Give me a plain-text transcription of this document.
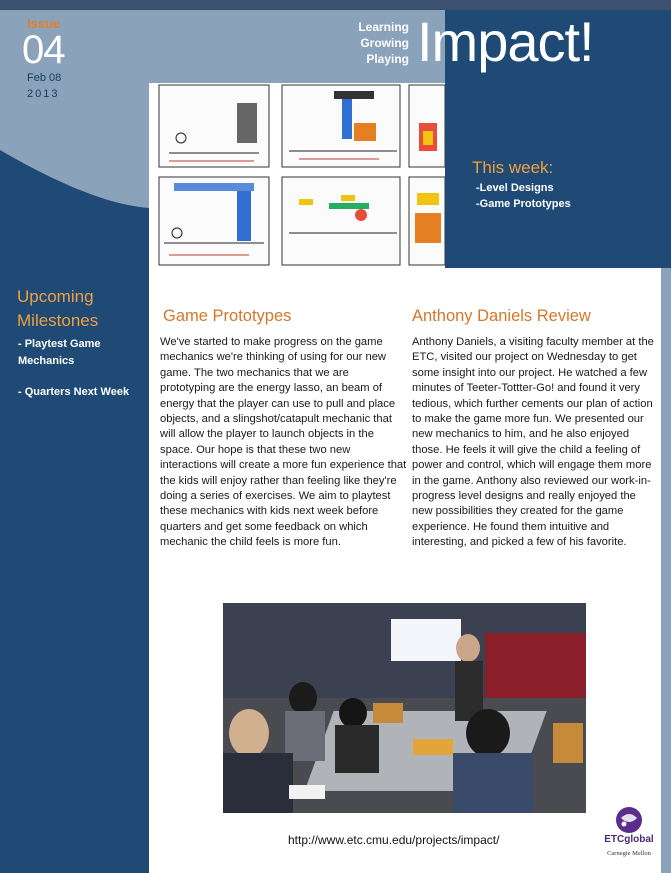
Issue
04
Feb 08
2013
Learning
Growing
Playing Impact!
This week:
-Level Designs
-Game Prototypes
Upcoming
Milestones
- Playtest Game Mechanics
- Quarters Next Week
Game Prototypes
We've started to make progress on the game mechanics we're thinking of using for our new game. The two mechanics that we are prototyping are the energy lasso, an beam of energy that the player can use to pull and place objects, and a slingshot/catapult mechanic that will allow the player to launch objects in the space. Our hope is that these two new interactions will create a more fun experience that the kids will enjoy rather than feeling like they're doing a series of exercises. We aim to playtest these mechanics with kids next week before quarters and get some feedback on which mechanic the child feels is more fun.
Anthony Daniels Review
Anthony Daniels, a visiting faculty member at the ETC, visited our project on Wednesday to get some insight into our project. He watched a few minutes of Teeter-Tottter-Go! and found it very tedious, which further cements our plan of action to make the game more fun. We presented our new mechanics to him, and he also enjoyed those. He feels it will give the child a feeling of power and control, which will engage them more in the game. Anthony also reviewed our work-in-progress level designs and really enjoyed the new possibilities they created for the game experience. He found them intuitive and interesting, and picked a few of his favorite.
http://www.etc.cmu.edu/projects/impact/	ETCglobal
Carnegie Mellon
